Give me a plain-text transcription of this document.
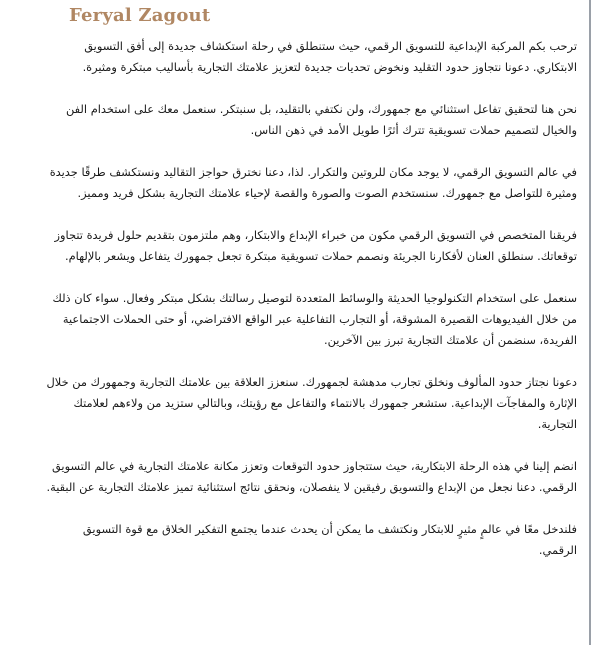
Feryal Zagout

ترحب بكم المركبة الإبداعية للتسويق الرقمي، حيث ستنطلق في رحلة استكشاف جديدة إلى أفق التسويق الابتكاري. دعونا نتجاوز حدود التقليد ونخوض تحديات جديدة لتعزيز علامتك التجارية بأساليب مبتكرة ومثيرة.

نحن هنا لتحقيق تفاعل استثنائي مع جمهورك، ولن نكتفي بالتقليد، بل سنبتكر. سنعمل معك على استخدام الفن والخيال لتصميم حملات تسويقية تترك أثرًا طويل الأمد في ذهن الناس.

في عالم التسويق الرقمي، لا يوجد مكان للروتين والتكرار. لذا، دعنا نخترق حواجز التقاليد ونستكشف طرقًا جديدة ومثيرة للتواصل مع جمهورك. سنستخدم الصوت والصورة والقصة لإحياء علامتك التجارية بشكل فريد ومميز.

فريقنا المتخصص في التسويق الرقمي مكون من خبراء الإبداع والابتكار، وهم ملتزمون بتقديم حلول فريدة تتجاوز توقعاتك. سنطلق العنان لأفكارنا الجريئة ونصمم حملات تسويقية مبتكرة تجعل جمهورك يتفاعل ويشعر بالإلهام.

سنعمل على استخدام التكنولوجيا الحديثة والوسائط المتعددة لتوصيل رسالتك بشكل مبتكر وفعال. سواء كان ذلك من خلال الفيديوهات القصيرة المشوقة، أو التجارب التفاعلية عبر الواقع الافتراضي، أو حتى الحملات الاجتماعية الفريدة، سنضمن أن علامتك التجارية تبرز بين الآخرين.

دعونا نجتاز حدود المألوف ونخلق تجارب مدهشة لجمهورك. سنعزز العلاقة بين علامتك التجارية وجمهورك من خلال الإثارة والمفاجآت الإبداعية. ستشعر جمهورك بالانتماء والتفاعل مع رؤيتك، وبالتالي ستزيد من ولاءهم لعلامتك التجارية.

انضم إلينا في هذه الرحلة الابتكارية، حيث ستتجاوز حدود التوقعات وتعزز مكانة علامتك التجارية في عالم التسويق الرقمي. دعنا نجعل من الإبداع والتسويق رفيقين لا ينفصلان، ونحقق نتائج استثنائية تميز علامتك التجارية عن البقية.

فلندخل معًا في عالمٍ مثيرٍ للابتكار ونكتشف ما يمكن أن يحدث عندما يجتمع التفكير الخلاق مع قوة التسويق الرقمي.
